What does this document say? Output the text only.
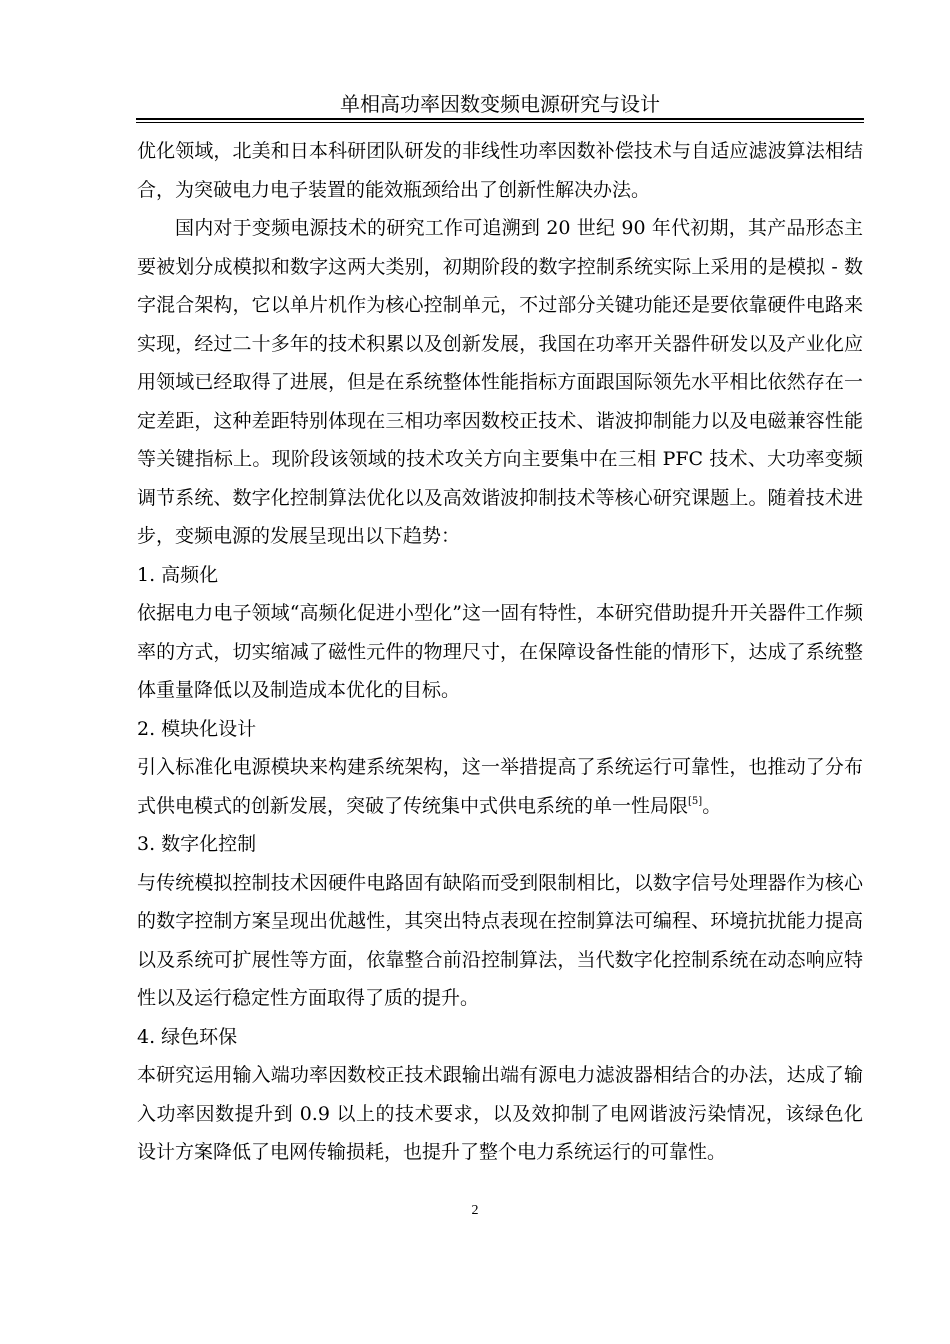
单相高功率因数变频电源研究与设计

优化领域，北美和日本科研团队研发的非线性功率因数补偿技术与自适应滤波算法相结合，为突破电力电子装置的能效瓶颈给出了创新性解决办法。

国内对于变频电源技术的研究工作可追溯到 20 世纪 90 年代初期，其产品形态主要被划分成模拟和数字这两大类别，初期阶段的数字控制系统实际上采用的是模拟 - 数字混合架构，它以单片机作为核心控制单元，不过部分关键功能还是要依靠硬件电路来实现，经过二十多年的技术积累以及创新发展，我国在功率开关器件研发以及产业化应用领域已经取得了进展，但是在系统整体性能指标方面跟国际领先水平相比依然存在一定差距，这种差距特别体现在三相功率因数校正技术、谐波抑制能力以及电磁兼容性能等关键指标上。现阶段该领域的技术攻关方向主要集中在三相 PFC 技术、大功率变频调节系统、数字化控制算法优化以及高效谐波抑制技术等核心研究课题上。随着技术进步，变频电源的发展呈现出以下趋势：

1. 高频化

依据电力电子领域“高频化促进小型化”这一固有特性，本研究借助提升开关器件工作频率的方式，切实缩减了磁性元件的物理尺寸，在保障设备性能的情形下，达成了系统整体重量降低以及制造成本优化的目标。

2. 模块化设计

引入标准化电源模块来构建系统架构，这一举措提高了系统运行可靠性，也推动了分布式供电模式的创新发展，突破了传统集中式供电系统的单一性局限[5]。

3. 数字化控制

与传统模拟控制技术因硬件电路固有缺陷而受到限制相比，以数字信号处理器作为核心的数字控制方案呈现出优越性，其突出特点表现在控制算法可编程、环境抗扰能力提高以及系统可扩展性等方面，依靠整合前沿控制算法，当代数字化控制系统在动态响应特性以及运行稳定性方面取得了质的提升。

4. 绿色环保

本研究运用输入端功率因数校正技术跟输出端有源电力滤波器相结合的办法，达成了输入功率因数提升到 0.9 以上的技术要求，以及效抑制了电网谐波污染情况，该绿色化设计方案降低了电网传输损耗，也提升了整个电力系统运行的可靠性。

2
